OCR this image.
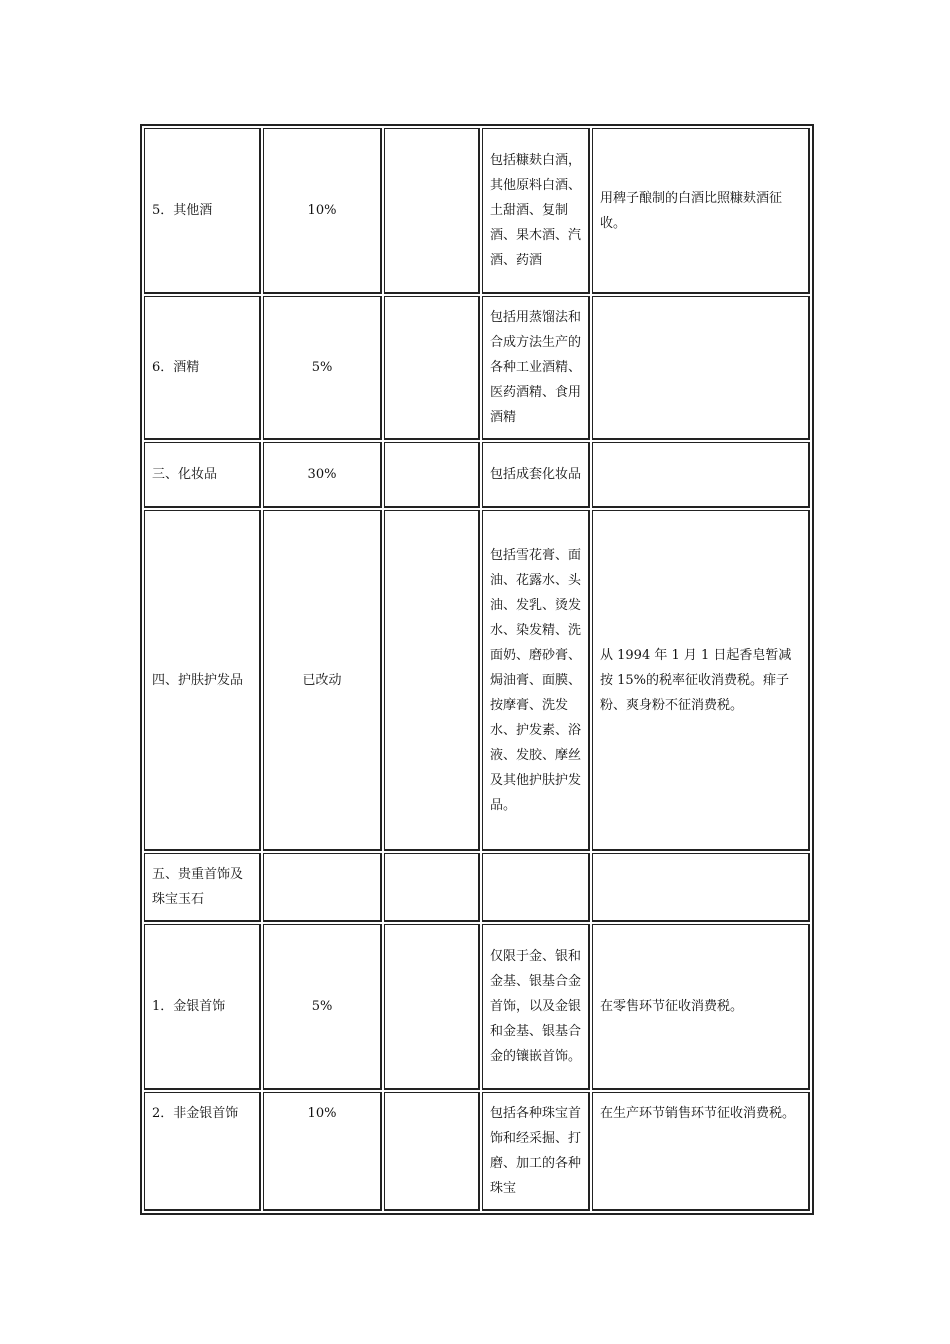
5．其他酒	10%		包括糠麸白酒，其他原料白酒、土甜酒、复制酒、果木酒、汽酒、药酒	用稗子酿制的白酒比照糠麸酒征收。
6．酒精	5%		包括用蒸馏法和合成方法生产的各种工业酒精、医药酒精、食用酒精	
三、化妆品	30%		包括成套化妆品	
四、护肤护发品	已改动		包括雪花膏、面油、花露水、头油、发乳、烫发水、染发精、洗面奶、磨砂膏、焗油膏、面膜、按摩膏、洗发水、护发素、浴液、发胶、摩丝及其他护肤护发品。	从 1994 年 1 月 1 日起香皂暂减按 15%的税率征收消费税。痱子粉、爽身粉不征消费税。
五、贵重首饰及珠宝玉石				
1．金银首饰	5%		仅限于金、银和金基、银基合金首饰，以及金银和金基、银基合金的镶嵌首饰。	在零售环节征收消费税。
2．非金银首饰	10%		包括各种珠宝首饰和经采掘、打磨、加工的各种珠宝	在生产环节销售环节征收消费税。
